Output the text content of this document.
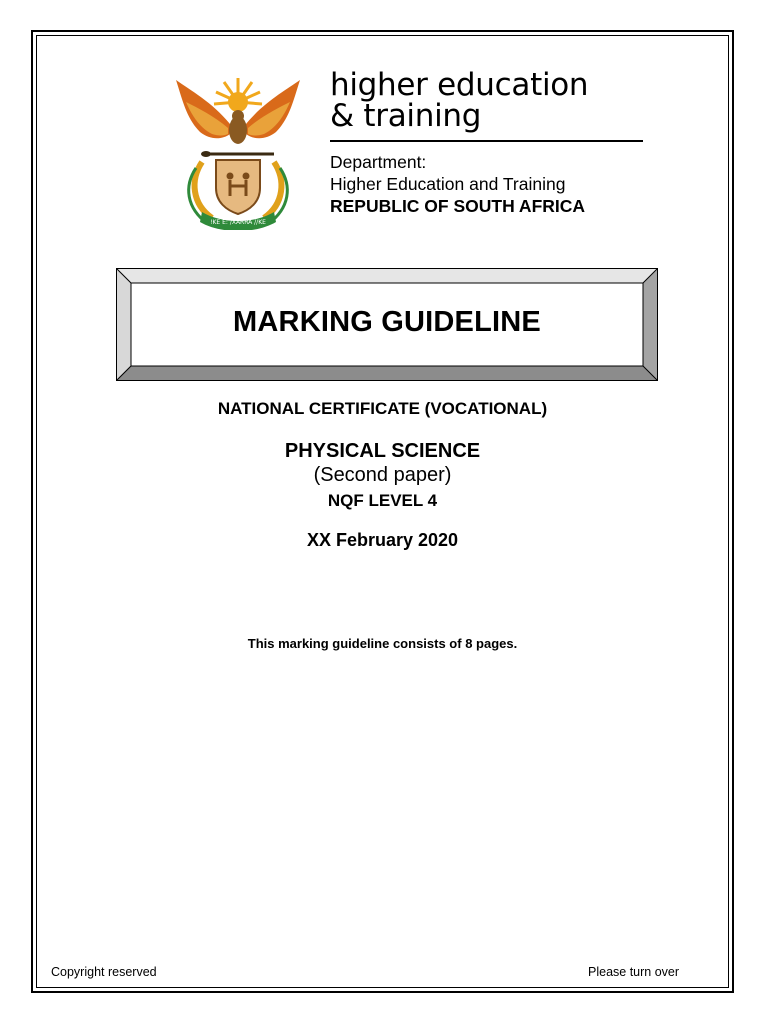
!KE E: /XARRA //KE
higher education
& training
Department:
Higher Education and Training
REPUBLIC OF SOUTH AFRICA
MARKING GUIDELINE
NATIONAL CERTIFICATE (VOCATIONAL)
PHYSICAL SCIENCE
(Second paper)
NQF LEVEL 4
XX February 2020
This marking guideline consists of 8 pages.
Copyright reserved	Please turn over
